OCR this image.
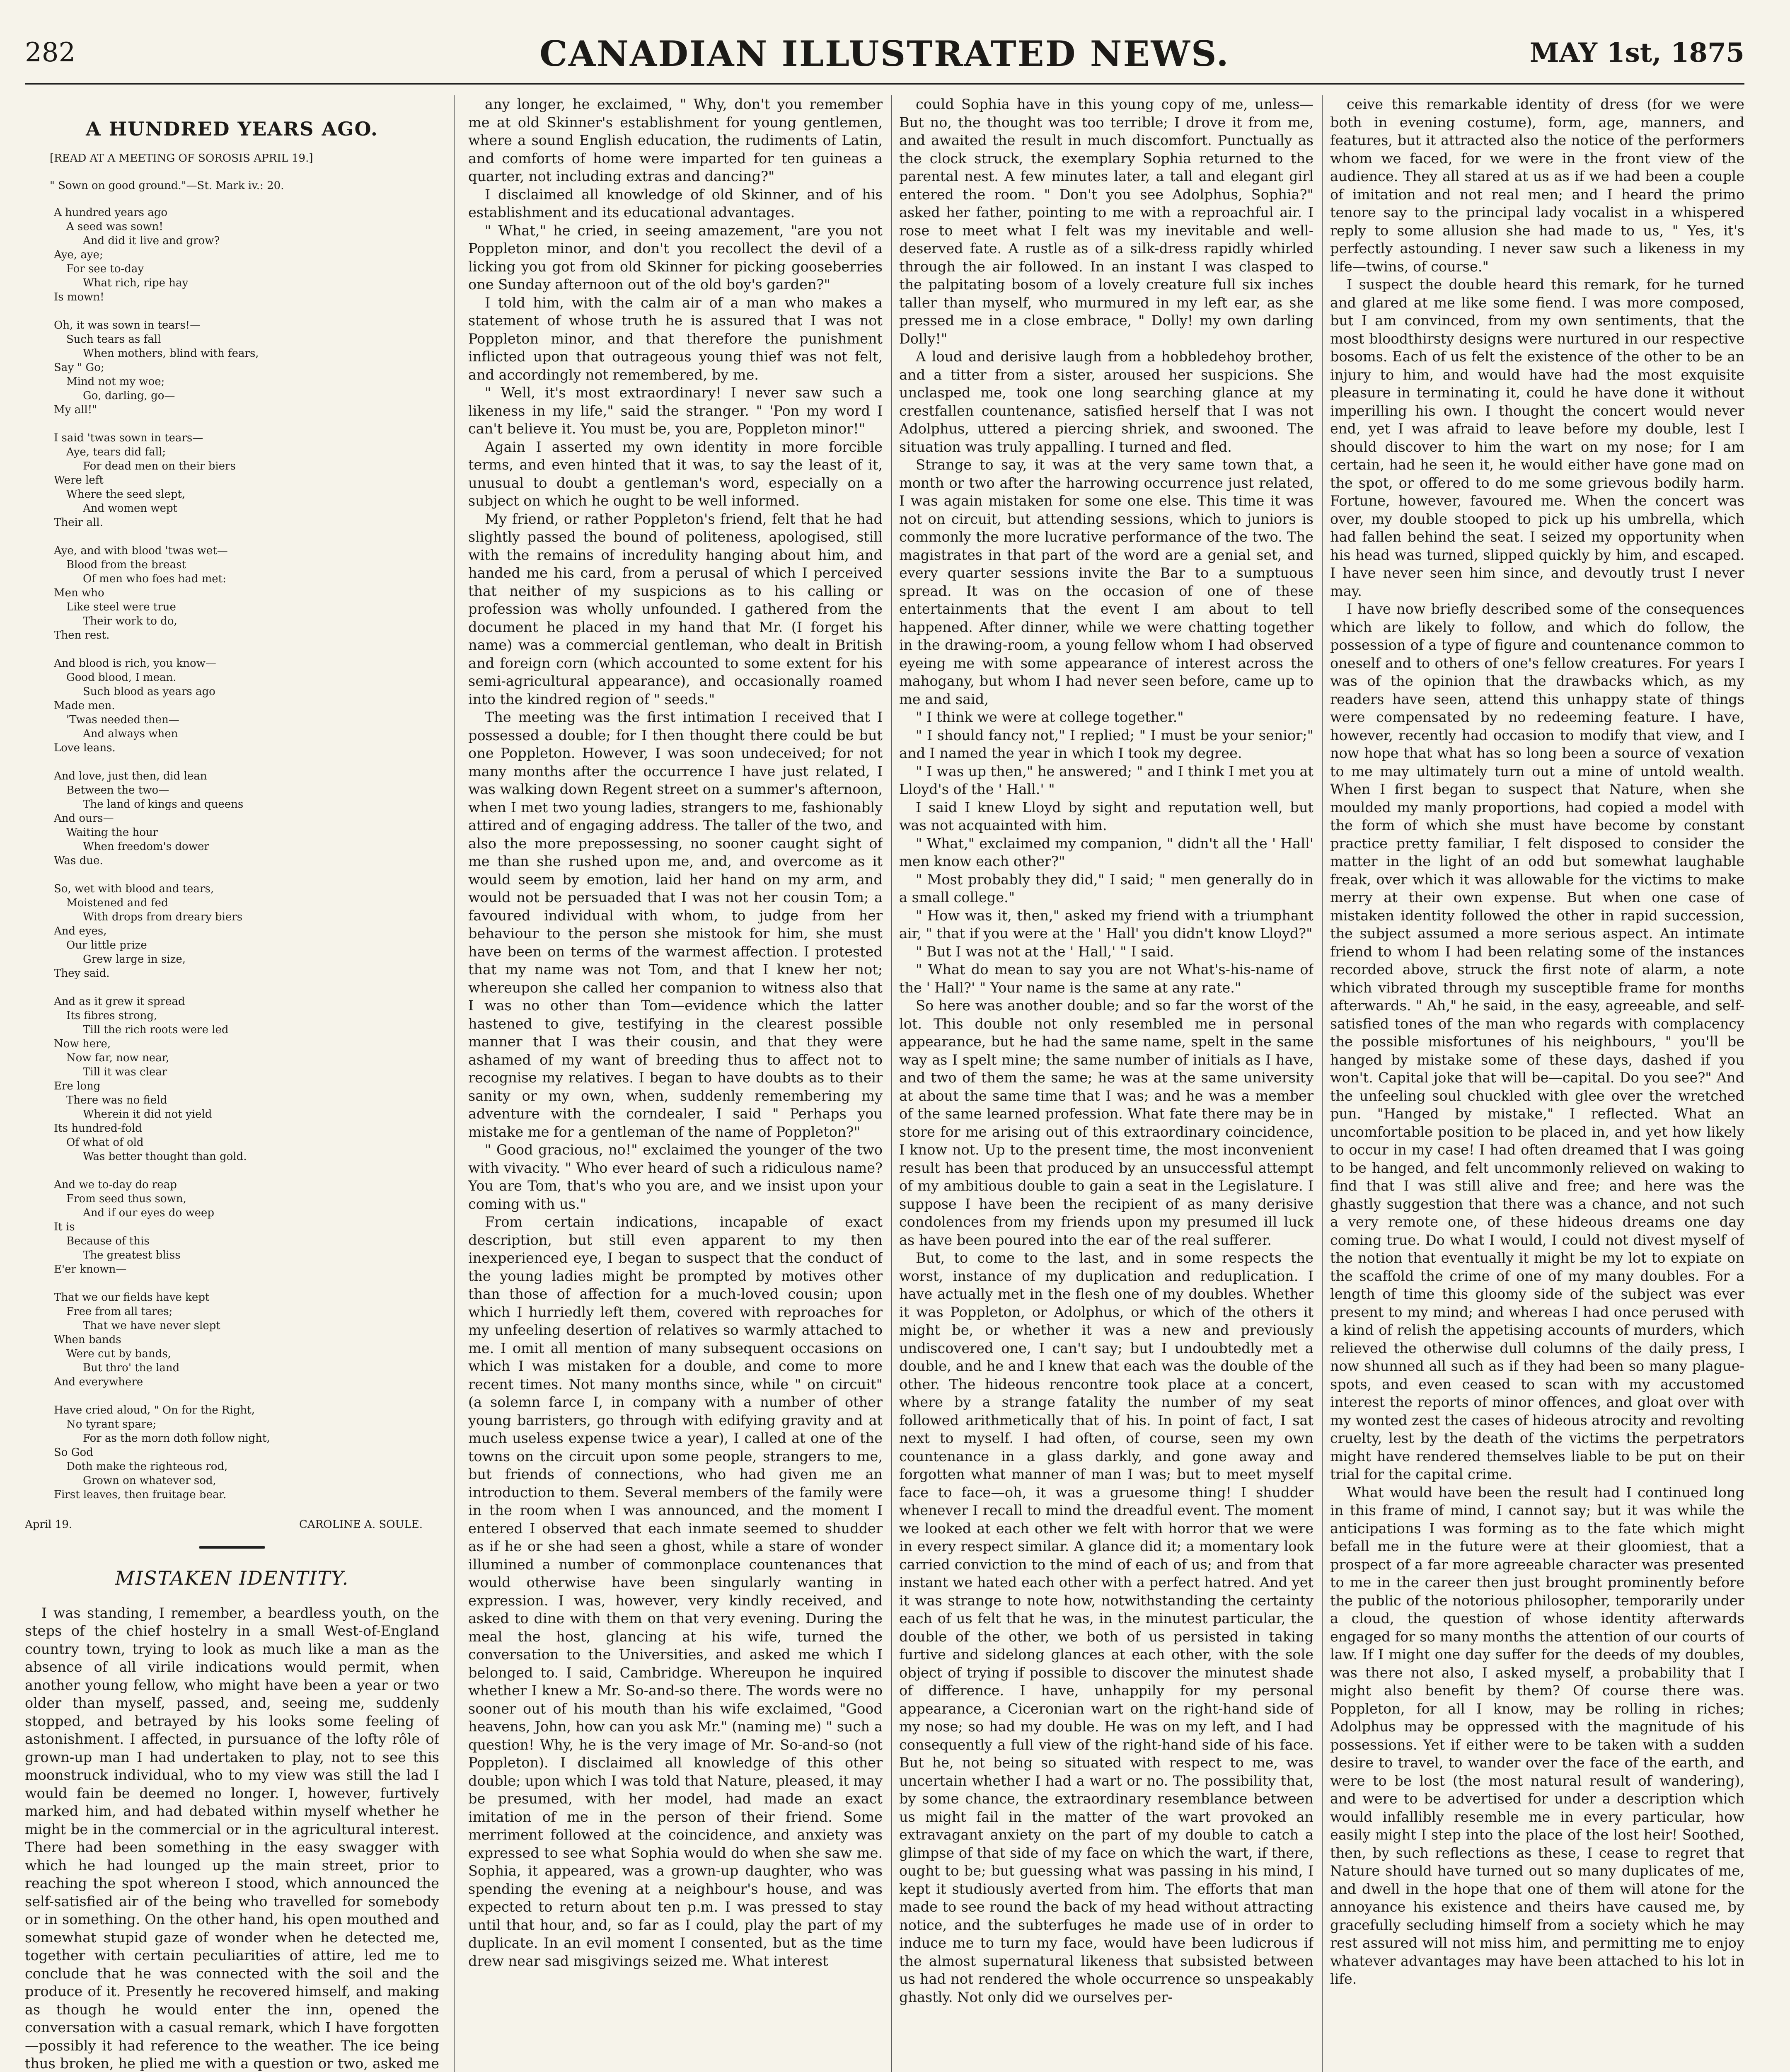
282	CANADIAN ILLUSTRATED NEWS.	MAY 1st, 1875
A HUNDRED YEARS AGO.
[READ AT A MEETING OF SOROSIS APRIL 19.]
" Sown on good ground."—St. Mark iv.: 20.
A hundred years ago
A seed was sown!
And did it live and grow?
Aye, aye;
For see to-day
What rich, ripe hay
Is mown!
Oh, it was sown in tears!—
Such tears as fall
When mothers, blind with fears,
Say " Go;
Mind not my woe;
Go, darling, go—
My all!"
I said 'twas sown in tears—
Aye, tears did fall;
For dead men on their biers
Were left
Where the seed slept,
And women wept
Their all.
Aye, and with blood 'twas wet—
Blood from the breast
Of men who foes had met:
Men who
Like steel were true
Their work to do,
Then rest.
And blood is rich, you know—
Good blood, I mean.
Such blood as years ago
Made men.
'Twas needed then—
And always when
Love leans.
And love, just then, did lean
Between the two—
The land of kings and queens
And ours—
Waiting the hour
When freedom's dower
Was due.
So, wet with blood and tears,
Moistened and fed
With drops from dreary biers
And eyes,
Our little prize
Grew large in size,
They said.
And as it grew it spread
Its fibres strong,
Till the rich roots were led
Now here,
Now far, now near,
Till it was clear
Ere long
There was no field
Wherein it did not yield
Its hundred-fold
Of what of old
Was better thought than gold.
And we to-day do reap
From seed thus sown,
And if our eyes do weep
It is
Because of this
The greatest bliss
E'er known—
That we our fields have kept
Free from all tares;
That we have never slept
When bands
Were cut by bands,
But thro' the land
And everywhere
Have cried aloud, " On for the Right,
No tyrant spare;
For as the morn doth follow night,
So God
Doth make the righteous rod,
Grown on whatever sod,
First leaves, then fruitage bear.
April 19.	CAROLINE A. SOULE.
MISTAKEN IDENTITY.

I was standing, I remember, a beardless youth, on the steps of the chief hostelry in a small West-of-England country town, trying to look as much like a man as the absence of all virile indications would permit, when another young fellow, who might have been a year or two older than myself, passed, and, seeing me, suddenly stopped, and betrayed by his looks some feeling of astonishment. I affected, in pursuance of the lofty rôle of grown-up man I had undertaken to play, not to see this moonstruck individual, who to my view was still the lad I would fain be deemed no longer. I, however, furtively marked him, and had debated within myself whether he might be in the commercial or in the agricultural interest. There had been something in the easy swagger with which he had lounged up the main street, prior to reaching the spot whereon I stood, which announced the self-satisfied air of the being who travelled for somebody or in something. On the other hand, his open mouthed and somewhat stupid gaze of wonder when he detected me, together with certain peculiarities of attire, led me to conclude that he was connected with the soil and the produce of it. Presently he recovered himself, and making as though he would enter the inn, opened the conversation with a casual remark, which I have forgotten—possibly it had reference to the weather. The ice being thus broken, he plied me with a question or two, asked me

any longer, he exclaimed, " Why, don't you remember me at old Skinner's establishment for young gentlemen, where a sound English education, the rudiments of Latin, and comforts of home were imparted for ten guineas a quarter, not including extras and dancing?"

I disclaimed all knowledge of old Skinner, and of his establishment and its educational advantages.

" What," he cried, in seeing amazement, "are you not Poppleton minor, and don't you recollect the devil of a licking you got from old Skinner for picking gooseberries one Sunday afternoon out of the old boy's garden?"

I told him, with the calm air of a man who makes a statement of whose truth he is assured that I was not Poppleton minor, and that therefore the punishment inflicted upon that outrageous young thief was not felt, and accordingly not remembered, by me.

" Well, it's most extraordinary! I never saw such a likeness in my life," said the stranger. " 'Pon my word I can't believe it. You must be, you are, Poppleton minor!"

Again I asserted my own identity in more forcible terms, and even hinted that it was, to say the least of it, unusual to doubt a gentleman's word, especially on a subject on which he ought to be well informed.

My friend, or rather Poppleton's friend, felt that he had slightly passed the bound of politeness, apologised, still with the remains of incredulity hanging about him, and handed me his card, from a perusal of which I perceived that neither of my suspicions as to his calling or profession was wholly unfounded. I gathered from the document he placed in my hand that Mr. (I forget his name) was a commercial gentleman, who dealt in British and foreign corn (which accounted to some extent for his semi-agricultural appearance), and occasionally roamed into the kindred region of " seeds."

The meeting was the first intimation I received that I possessed a double; for I then thought there could be but one Poppleton. However, I was soon undeceived; for not many months after the occurrence I have just related, I was walking down Regent street on a summer's afternoon, when I met two young ladies, strangers to me, fashionably attired and of engaging address. The taller of the two, and also the more prepossessing, no sooner caught sight of me than she rushed upon me, and, and overcome as it would seem by emotion, laid her hand on my arm, and would not be persuaded that I was not her cousin Tom; a favoured individual with whom, to judge from her behaviour to the person she mistook for him, she must have been on terms of the warmest affection. I protested that my name was not Tom, and that I knew her not; whereupon she called her companion to witness also that I was no other than Tom—evidence which the latter hastened to give, testifying in the clearest possible manner that I was their cousin, and that they were ashamed of my want of breeding thus to affect not to recognise my relatives. I began to have doubts as to their sanity or my own, when, suddenly remembering my adventure with the corndealer, I said " Perhaps you mistake me for a gentleman of the name of Poppleton?"

" Good gracious, no!" exclaimed the younger of the two with vivacity. " Who ever heard of such a ridiculous name? You are Tom, that's who you are, and we insist upon your coming with us."

From certain indications, incapable of exact description, but still even apparent to my then inexperienced eye, I began to suspect that the conduct of the young ladies might be prompted by motives other than those of affection for a much-loved cousin; upon which I hurriedly left them, covered with reproaches for my unfeeling desertion of relatives so warmly attached to me. I omit all mention of many subsequent occasions on which I was mistaken for a double, and come to more recent times. Not many months since, while " on circuit" (a solemn farce I, in company with a number of other young barristers, go through with edifying gravity and at much useless expense twice a year), I called at one of the towns on the circuit upon some people, strangers to me, but friends of connections, who had given me an introduction to them. Several members of the family were in the room when I was announced, and the moment I entered I observed that each inmate seemed to shudder as if he or she had seen a ghost, while a stare of wonder illumined a number of commonplace countenances that would otherwise have been singularly wanting in expression. I was, however, very kindly received, and asked to dine with them on that very evening. During the meal the host, glancing at his wife, turned the conversation to the Universities, and asked me which I belonged to. I said, Cambridge. Whereupon he inquired whether I knew a Mr. So-and-so there. The words were no sooner out of his mouth than his wife exclaimed, "Good heavens, John, how can you ask Mr." (naming me) " such a question! Why, he is the very image of Mr. So-and-so (not Poppleton). I disclaimed all knowledge of this other double; upon which I was told that Nature, pleased, it may be presumed, with her model, had made an exact imitation of me in the person of their friend. Some merriment followed at the coincidence, and anxiety was expressed to see what Sophia would do when she saw me. Sophia, it appeared, was a grown-up daughter, who was spending the evening at a neighbour's house, and was expected to return about ten p.m. I was pressed to stay until that hour, and, so far as I could, play the part of my duplicate. In an evil moment I consented, but as the time drew near sad misgivings seized me. What interest

could Sophia have in this young copy of me, unless— But no, the thought was too terrible; I drove it from me, and awaited the result in much discomfort. Punctually as the clock struck, the exemplary Sophia returned to the parental nest. A few minutes later, a tall and elegant girl entered the room. " Don't you see Adolphus, Sophia?" asked her father, pointing to me with a reproachful air. I rose to meet what I felt was my inevitable and well-deserved fate. A rustle as of a silk-dress rapidly whirled through the air followed. In an instant I was clasped to the palpitating bosom of a lovely creature full six inches taller than myself, who murmured in my left ear, as she pressed me in a close embrace, " Dolly! my own darling Dolly!"

A loud and derisive laugh from a hobbledehoy brother, and a titter from a sister, aroused her suspicions. She unclasped me, took one long searching glance at my crestfallen countenance, satisfied herself that I was not Adolphus, uttered a piercing shriek, and swooned. The situation was truly appalling. I turned and fled.

Strange to say, it was at the very same town that, a month or two after the harrowing occurrence just related, I was again mistaken for some one else. This time it was not on circuit, but attending sessions, which to juniors is commonly the more lucrative performance of the two. The magistrates in that part of the word are a genial set, and every quarter sessions invite the Bar to a sumptuous spread. It was on the occasion of one of these entertainments that the event I am about to tell happened. After dinner, while we were chatting together in the drawing-room, a young fellow whom I had observed eyeing me with some appearance of interest across the mahogany, but whom I had never seen before, came up to me and said,

" I think we were at college together."

" I should fancy not," I replied; " I must be your senior;" and I named the year in which I took my degree.

" I was up then," he answered; " and I think I met you at Lloyd's of the ' Hall.' "

I said I knew Lloyd by sight and reputation well, but was not acquainted with him.

" What," exclaimed my companion, " didn't all the ' Hall' men know each other?"

" Most probably they did," I said; " men generally do in a small college."

" How was it, then," asked my friend with a triumphant air, " that if you were at the ' Hall' you didn't know Lloyd?"

" But I was not at the ' Hall,' " I said.

" What do mean to say you are not What's-his-name of the ' Hall?' " Your name is the same at any rate."

So here was another double; and so far the worst of the lot. This double not only resembled me in personal appearance, but he had the same name, spelt in the same way as I spelt mine; the same number of initials as I have, and two of them the same; he was at the same university at about the same time that I was; and he was a member of the same learned profession. What fate there may be in store for me arising out of this extraordinary coincidence, I know not. Up to the present time, the most inconvenient result has been that produced by an unsuccessful attempt of my ambitious double to gain a seat in the Legislature. I suppose I have been the recipient of as many derisive condolences from my friends upon my presumed ill luck as have been poured into the ear of the real sufferer.

But, to come to the last, and in some respects the worst, instance of my duplication and reduplication. I have actually met in the flesh one of my doubles. Whether it was Poppleton, or Adolphus, or which of the others it might be, or whether it was a new and previously undiscovered one, I can't say; but I undoubtedly met a double, and he and I knew that each was the double of the other. The hideous rencontre took place at a concert, where by a strange fatality the number of my seat followed arithmetically that of his. In point of fact, I sat next to myself. I had often, of course, seen my own countenance in a glass darkly, and gone away and forgotten what manner of man I was; but to meet myself face to face—oh, it was a gruesome thing! I shudder whenever I recall to mind the dreadful event. The moment we looked at each other we felt with horror that we were in every respect similar. A glance did it; a momentary look carried conviction to the mind of each of us; and from that instant we hated each other with a perfect hatred. And yet it was strange to note how, notwithstanding the certainty each of us felt that he was, in the minutest particular, the double of the other, we both of us persisted in taking furtive and sidelong glances at each other, with the sole object of trying if possible to discover the minutest shade of difference. I have, unhappily for my personal appearance, a Ciceronian wart on the right-hand side of my nose; so had my double. He was on my left, and I had consequently a full view of the right-hand side of his face. But he, not being so situated with respect to me, was uncertain whether I had a wart or no. The possibility that, by some chance, the extraordinary resemblance between us might fail in the matter of the wart provoked an extravagant anxiety on the part of my double to catch a glimpse of that side of my face on which the wart, if there, ought to be; but guessing what was passing in his mind, I kept it studiously averted from him. The efforts that man made to see round the back of my head without attracting notice, and the subterfuges he made use of in order to induce me to turn my face, would have been ludicrous if the almost supernatural likeness that subsisted between us had not rendered the whole occurrence so unspeakably ghastly. Not only did we ourselves per-

ceive this remarkable identity of dress (for we were both in evening costume), form, age, manners, and features, but it attracted also the notice of the performers whom we faced, for we were in the front view of the audience. They all stared at us as if we had been a couple of imitation and not real men; and I heard the primo tenore say to the principal lady vocalist in a whispered reply to some allusion she had made to us, " Yes, it's perfectly astounding. I never saw such a likeness in my life—twins, of course."

I suspect the double heard this remark, for he turned and glared at me like some fiend. I was more composed, but I am convinced, from my own sentiments, that the most bloodthirsty designs were nurtured in our respective bosoms. Each of us felt the existence of the other to be an injury to him, and would have had the most exquisite pleasure in terminating it, could he have done it without imperilling his own. I thought the concert would never end, yet I was afraid to leave before my double, lest I should discover to him the wart on my nose; for I am certain, had he seen it, he would either have gone mad on the spot, or offered to do me some grievous bodily harm. Fortune, however, favoured me. When the concert was over, my double stooped to pick up his umbrella, which had fallen behind the seat. I seized my opportunity when his head was turned, slipped quickly by him, and escaped. I have never seen him since, and devoutly trust I never may.

I have now briefly described some of the consequences which are likely to follow, and which do follow, the possession of a type of figure and countenance common to oneself and to others of one's fellow creatures. For years I was of the opinion that the drawbacks which, as my readers have seen, attend this unhappy state of things were compensated by no redeeming feature. I have, however, recently had occasion to modify that view, and I now hope that what has so long been a source of vexation to me may ultimately turn out a mine of untold wealth. When I first began to suspect that Nature, when she moulded my manly proportions, had copied a model with the form of which she must have become by constant practice pretty familiar, I felt disposed to consider the matter in the light of an odd but somewhat laughable freak, over which it was allowable for the victims to make merry at their own expense. But when one case of mistaken identity followed the other in rapid succession, the subject assumed a more serious aspect. An intimate friend to whom I had been relating some of the instances recorded above, struck the first note of alarm, a note which vibrated through my susceptible frame for months afterwards. " Ah," he said, in the easy, agreeable, and self-satisfied tones of the man who regards with complacency the possible misfortunes of his neighbours, " you'll be hanged by mistake some of these days, dashed if you won't. Capital joke that will be—capital. Do you see?" And the unfeeling soul chuckled with glee over the wretched pun. "Hanged by mistake," I reflected. What an uncomfortable position to be placed in, and yet how likely to occur in my case! I had often dreamed that I was going to be hanged, and felt uncommonly relieved on waking to find that I was still alive and free; and here was the ghastly suggestion that there was a chance, and not such a very remote one, of these hideous dreams one day coming true. Do what I would, I could not divest myself of the notion that eventually it might be my lot to expiate on the scaffold the crime of one of my many doubles. For a length of time this gloomy side of the subject was ever present to my mind; and whereas I had once perused with a kind of relish the appetising accounts of murders, which relieved the otherwise dull columns of the daily press, I now shunned all such as if they had been so many plague-spots, and even ceased to scan with my accustomed interest the reports of minor offences, and gloat over with my wonted zest the cases of hideous atrocity and revolting cruelty, lest by the death of the victims the perpetrators might have rendered themselves liable to be put on their trial for the capital crime.

What would have been the result had I continued long in this frame of mind, I cannot say; but it was while the anticipations I was forming as to the fate which might befall me in the future were at their gloomiest, that a prospect of a far more agreeable character was presented to me in the career then just brought prominently before the public of the notorious philosopher, temporarily under a cloud, the question of whose identity afterwards engaged for so many months the attention of our courts of law. If I might one day suffer for the deeds of my doubles, was there not also, I asked myself, a probability that I might also benefit by them? Of course there was. Poppleton, for all I know, may be rolling in riches; Adolphus may be oppressed with the magnitude of his possessions. Yet if either were to be taken with a sudden desire to travel, to wander over the face of the earth, and were to be lost (the most natural result of wandering), and were to be advertised for under a description which would infallibly resemble me in every particular, how easily might I step into the place of the lost heir! Soothed, then, by such reflections as these, I cease to regret that Nature should have turned out so many duplicates of me, and dwell in the hope that one of them will atone for the annoyance his existence and theirs have caused me, by gracefully secluding himself from a society which he may rest assured will not miss him, and permitting me to enjoy whatever advantages may have been attached to his lot in life.
